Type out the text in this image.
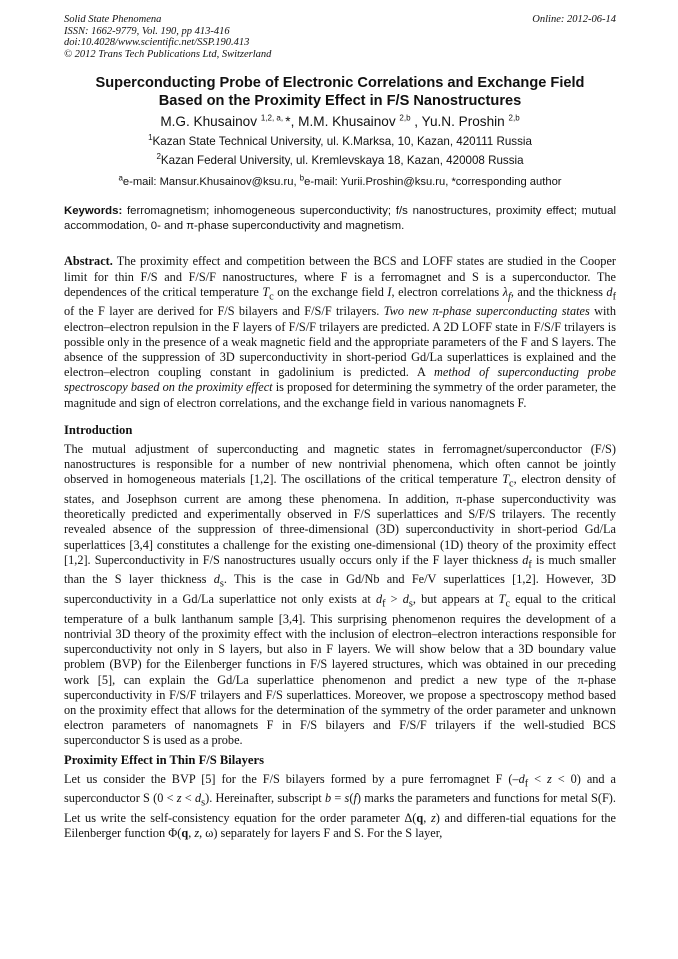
Solid State Phenomena	Online: 2012-06-14
ISSN: 1662-9779, Vol. 190, pp 413-416
doi:10.4028/www.scientific.net/SSP.190.413
© 2012 Trans Tech Publications Ltd, Switzerland
Superconducting Probe of Electronic Correlations and Exchange Field
Based on the Proximity Effect in F/S Nanostructures
M.G. Khusainov $^{1,2, a,}$ *, M.M. Khusainov $^{2,b}$ , Yu.N. Proshin $^{2,b}$
$^1$Kazan State Technical University, ul. K.Marksa, 10, Kazan, 420111 Russia
$^2$Kazan Federal University, ul. Kremlevskaya 18, Kazan, 420008 Russia
$^a$e-mail: Mansur.Khusainov@ksu.ru, $^b$e-mail: Yurii.Proshin@ksu.ru, *corresponding author
Keywords: ferromagnetism; inhomogeneous superconductivity; f/s nanostructures, proximity effect; mutual accommodation, 0- and π-phase superconductivity and magnetism.
Abstract. The proximity effect and competition between the BCS and LOFF states are studied in the Cooper limit for thin F/S and F/S/F nanostructures, where F is a ferromagnet and S is a superconductor. The dependences of the critical temperature $T_c$ on the exchange field I, electron correlations $\lambda_f$, and the thickness $d_f$ of the F layer are derived for F/S bilayers and F/S/F trilayers. Two new π-phase superconducting states with electron–electron repulsion in the F layers of F/S/F trilayers are predicted. A 2D LOFF state in F/S/F trilayers is possible only in the presence of a weak magnetic field and the appropriate parameters of the F and S layers. The absence of the suppression of 3D superconductivity in short-period Gd/La superlattices is explained and the electron–electron coupling constant in gadolinium is predicted. A method of superconducting probe spectroscopy based on the proximity effect is proposed for determining the symmetry of the order parameter, the magnitude and sign of electron correlations, and the exchange field in various nanomagnets F.
Introduction
The mutual adjustment of superconducting and magnetic states in ferromagnet/superconductor (F/S) nanostructures is responsible for a number of new nontrivial phenomena, which often cannot be jointly observed in homogeneous materials [1,2]. The oscillations of the critical temperature $T_c$, electron density of states, and Josephson current are among these phenomena. In addition, π-phase superconductivity was theoretically predicted and experimentally observed in F/S superlattices and S/F/S trilayers. The recently revealed absence of the suppression of three-dimensional (3D) superconductivity in short-period Gd/La superlattices [3,4] constitutes a challenge for the existing one-dimensional (1D) theory of the proximity effect [1,2]. Superconductivity in F/S nanostructures usually occurs only if the F layer thickness $d_f$ is much smaller than the S layer thickness $d_s$. This is the case in Gd/Nb and Fe/V superlattices [1,2]. However, 3D superconductivity in a Gd/La superlattice not only exists at $d_f > d_s$, but appears at $T_c$ equal to the critical temperature of a bulk lanthanum sample [3,4]. This surprising phenomenon requires the development of a nontrivial 3D theory of the proximity effect with the inclusion of electron–electron interactions responsible for superconductivity not only in S layers, but also in F layers. We will show below that a 3D boundary value problem (BVP) for the Eilenberger functions in F/S layered structures, which was obtained in our preceding work [5], can explain the Gd/La superlattice phenomenon and predict a new type of the π-phase superconductivity in F/S/F trilayers and F/S superlattices. Moreover, we propose a spectroscopy method based on the proximity effect that allows for the determination of the symmetry of the order parameter and unknown electron parameters of nanomagnets F in F/S bilayers and F/S/F trilayers if the well-studied BCS superconductor S is used as a probe.
Proximity Effect in Thin F/S Bilayers
Let us consider the BVP [5] for the F/S bilayers formed by a pure ferromagnet F $(-d_f < z < 0)$ and a superconductor S $(0 < z < d_s)$. Hereinafter, subscript b = s(f) marks the parameters and functions for metal S(F). Let us write the self-consistency equation for the order parameter Δ(q, z) and differen-tial equations for the Eilenberger function Φ(q, z, ω) separately for layers F and S. For the S layer,
